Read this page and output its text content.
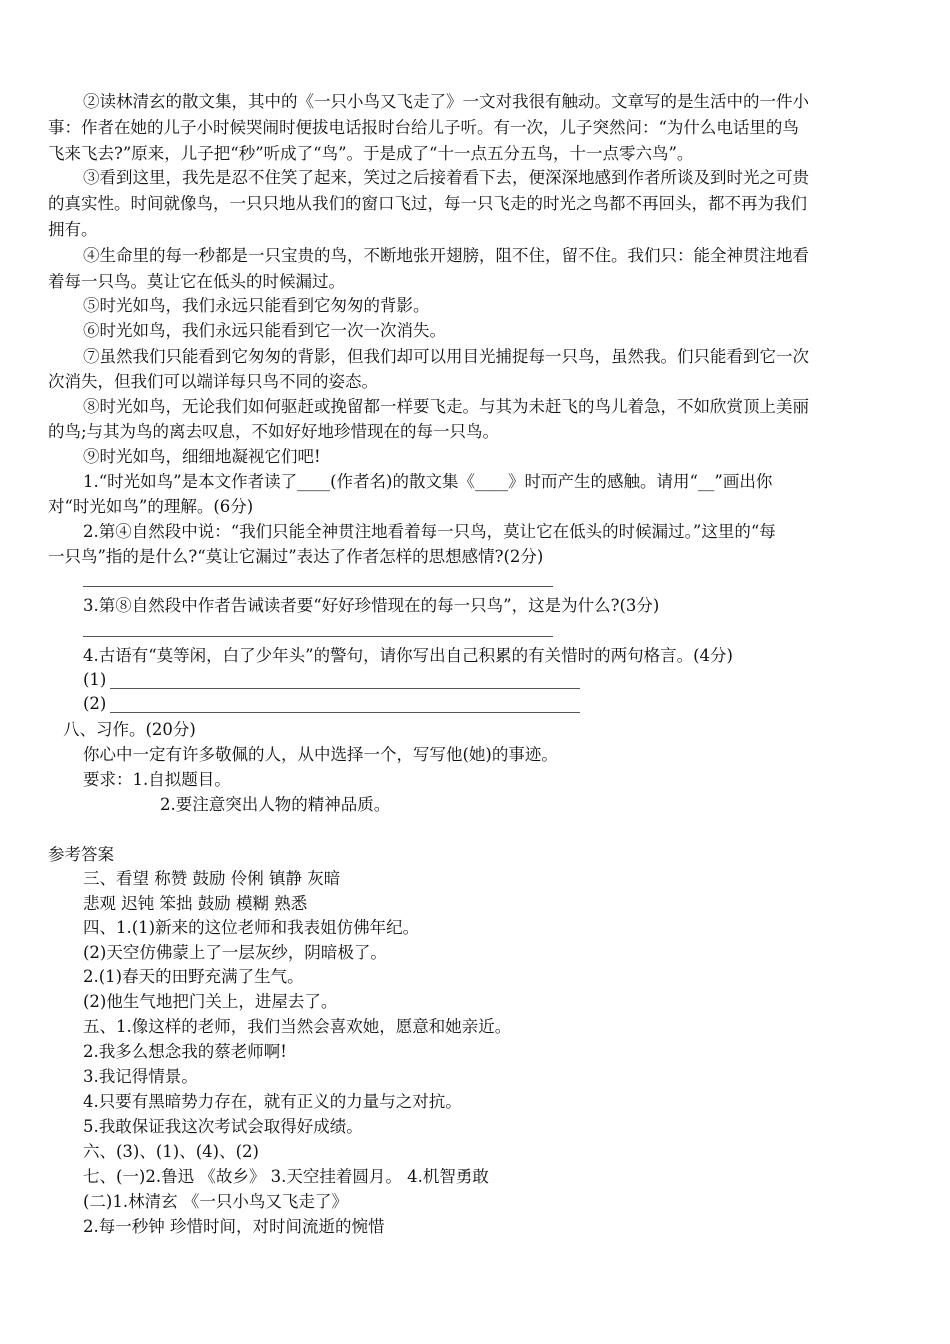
②读林清玄的散文集，其中的《一只小鸟又飞走了》一文对我很有触动。文章写的是生活中的一件小
事：作者在她的儿子小时候哭闹时便拔电话报时台给儿子听。有一次，儿子突然问：“为什么电话里的鸟
飞来飞去?”原来，儿子把“秒”听成了“鸟”。于是成了“十一点五分五鸟，十一点零六鸟”。
③看到这里，我先是忍不住笑了起来，笑过之后接着看下去，便深深地感到作者所谈及到时光之可贵
的真实性。时间就像鸟，一只只地从我们的窗口飞过，每一只飞走的时光之鸟都不再回头，都不再为我们
拥有。
④生命里的每一秒都是一只宝贵的鸟，不断地张开翅膀，阻不住，留不住。我们只：能全神贯注地看
着每一只鸟。莫让它在低头的时候漏过。
⑤时光如鸟，我们永远只能看到它匆匆的背影。
⑥时光如鸟，我们永远只能看到它一次一次消失。
⑦虽然我们只能看到它匆匆的背影，但我们却可以用目光捕捉每一只鸟，虽然我。们只能看到它一次
次消失，但我们可以端详每只鸟不同的姿态。
⑧时光如鸟，无论我们如何驱赶或挽留都一样要飞走。与其为未赶飞的鸟儿着急，不如欣赏顶上美丽
的鸟;与其为鸟的离去叹息，不如好好地珍惜现在的每一只鸟。
⑨时光如鸟，细细地凝视它们吧!
1.“时光如鸟”是本文作者读了____(作者名)的散文集《____》时而产生的感触。请用“__”画出你
对“时光如鸟”的理解。(6分)
2.第④自然段中说：“我们只能全神贯注地看着每一只鸟，莫让它在低头的时候漏过。”这里的“每
一只鸟”指的是什么?“莫让它漏过”表达了作者怎样的思想感情?(2分)
3.第⑧自然段中作者告诫读者要“好好珍惜现在的每一只鸟”，这是为什么?(3分)
4.古语有“莫等闲，白了少年头”的警句，请你写出自己积累的有关惜时的两句格言。(4分)
(1)
(2)
八、习作。(20分)
你心中一定有许多敬佩的人，从中选择一个，写写他(她)的事迹。
要求：1.自拟题目。
2.要注意突出人物的精神品质。
参考答案
三、看望 称赞 鼓励 伶俐 镇静 灰暗
悲观 迟钝 笨拙 鼓励 模糊 熟悉
四、1.(1)新来的这位老师和我表姐仿佛年纪。
(2)天空仿佛蒙上了一层灰纱，阴暗极了。
2.(1)春天的田野充满了生气。
(2)他生气地把门关上，进屋去了。
五、1.像这样的老师，我们当然会喜欢她，愿意和她亲近。
2.我多么想念我的蔡老师啊!
3.我记得情景。
4.只要有黑暗势力存在，就有正义的力量与之对抗。
5.我敢保证我这次考试会取得好成绩。
六、(3)、(1)、(4)、(2)
七、(一)2.鲁迅 《故乡》 3.天空挂着圆月。 4.机智勇敢
(二)1.林清玄 《一只小鸟又飞走了》
2.每一秒钟 珍惜时间，对时间流逝的惋惜
